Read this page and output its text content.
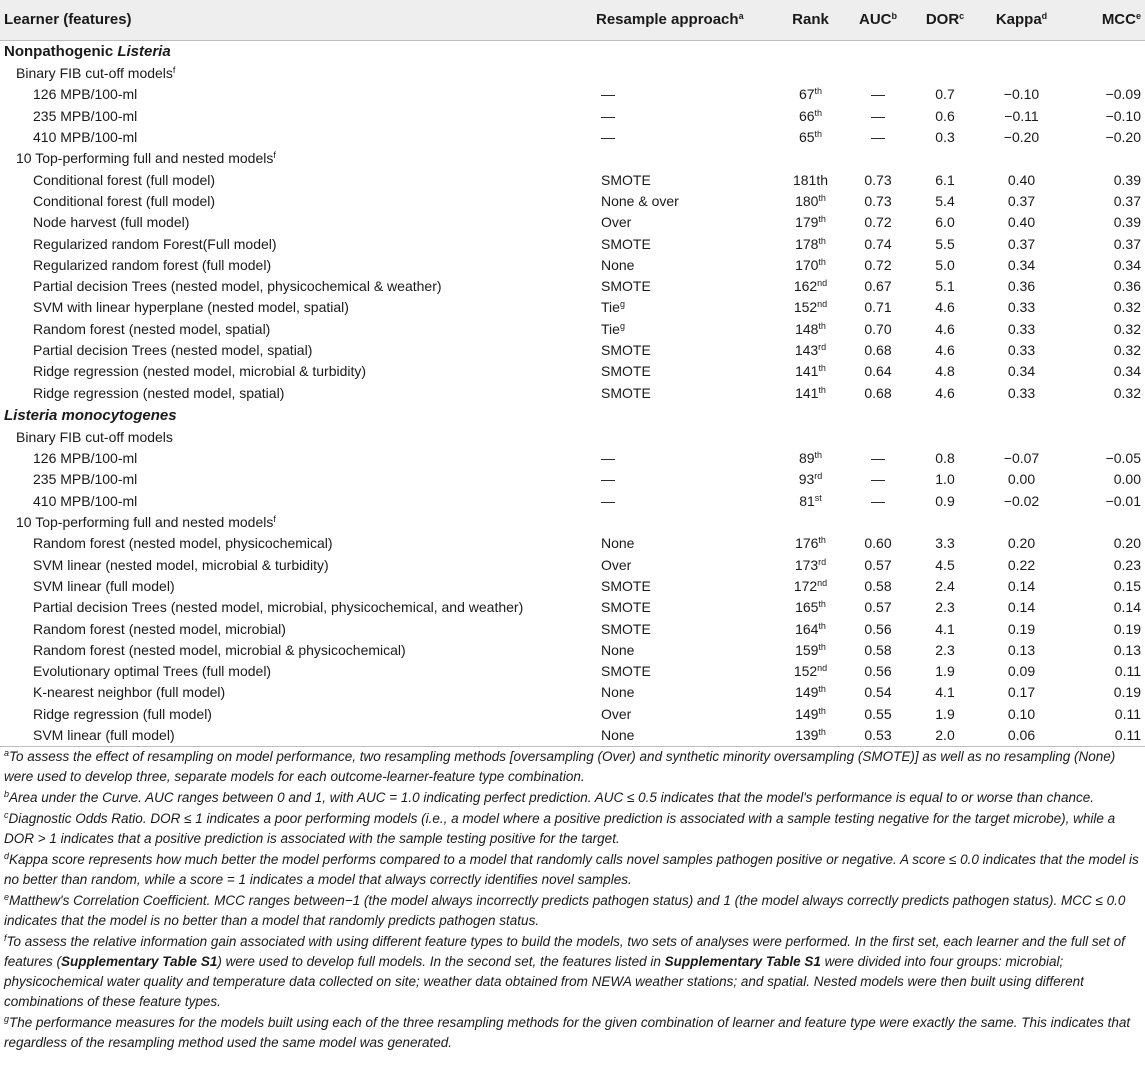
Learner (features)	Resample approach$^a$	Rank	AUC$^b$	DOR$^c$	Kappa$^d$	MCCe
Nonpathogenic Listeria						
Binary FIB cut-off models$^f$
126 MPB/100-ml	—	67th	—	0.7	−0.10	−0.09
235 MPB/100-ml	—	66th	—	0.6	−0.11	−0.10
410 MPB/100-ml	—	65th	—	0.3	−0.20	−0.20
10 Top-performing full and nested models$^f$
Conditional forest (full model)	SMOTE	181th	0.73	6.1	0.40	0.39
Conditional forest (full model)	None & over	180th	0.73	5.4	0.37	0.37
Node harvest (full model)	Over	179th	0.72	6.0	0.40	0.39
Regularized random Forest(Full model)	SMOTE	178th	0.74	5.5	0.37	0.37
Regularized random forest (full model)	None	170th	0.72	5.0	0.34	0.34
Partial decision Trees (nested model, physicochemical & weather)	SMOTE	162nd	0.67	5.1	0.36	0.36
SVM with linear hyperplane (nested model, spatial)	Tie$^g$	152nd	0.71	4.6	0.33	0.32
Random forest (nested model, spatial)	Tie$^g$	148th	0.70	4.6	0.33	0.32
Partial decision Trees (nested model, spatial)	SMOTE	143rd	0.68	4.6	0.33	0.32
Ridge regression (nested model, microbial & turbidity)	SMOTE	141th	0.64	4.8	0.34	0.34
Ridge regression (nested model, spatial)	SMOTE	141th	0.68	4.6	0.33	0.32
Listeria monocytogenes						
Binary FIB cut-off models						
126 MPB/100-ml	—	89th	—	0.8	−0.07	−0.05
235 MPB/100-ml	—	93rd	—	1.0	0.00	0.00
410 MPB/100-ml	—	81st	—	0.9	−0.02	−0.01
10 Top-performing full and nested models$^f$
Random forest (nested model, physicochemical)	None	176th	0.60	3.3	0.20	0.20
SVM linear (nested model, microbial & turbidity)	Over	173rd	0.57	4.5	0.22	0.23
SVM linear (full model)	SMOTE	172nd	0.58	2.4	0.14	0.15
Partial decision Trees (nested model, microbial, physicochemical, and weather)	SMOTE	165th	0.57	2.3	0.14	0.14
Random forest (nested model, microbial)	SMOTE	164th	0.56	4.1	0.19	0.19
Random forest (nested model, microbial & physicochemical)	None	159th	0.58	2.3	0.13	0.13
Evolutionary optimal Trees (full model)	SMOTE	152nd	0.56	1.9	0.09	0.11
K-nearest neighbor (full model)	None	149th	0.54	4.1	0.17	0.19
Ridge regression (full model)	Over	149th	0.55	1.9	0.10	0.11
SVM linear (full model)	None	139th	0.53	2.0	0.06	0.11

$^a$To assess the effect of resampling on model performance, two resampling methods [oversampling (Over) and synthetic minority oversampling (SMOTE)] as well as no resampling (None) were used to develop three, separate models for each outcome-learner-feature type combination.

$^b$Area under the Curve. AUC ranges between 0 and 1, with AUC = 1.0 indicating perfect prediction. AUC ≤ 0.5 indicates that the model's performance is equal to or worse than chance.

$^c$Diagnostic Odds Ratio. DOR ≤ 1 indicates a poor performing models (i.e., a model where a positive prediction is associated with a sample testing negative for the target microbe), while a DOR > 1 indicates that a positive prediction is associated with the sample testing positive for the target.

$^d$Kappa score represents how much better the model performs compared to a model that randomly calls novel samples pathogen positive or negative. A score ≤ 0.0 indicates that the model is no better than random, while a score = 1 indicates a model that always correctly identifies novel samples.

$^e$Matthew's Correlation Coefficient. MCC ranges between−1 (the model always incorrectly predicts pathogen status) and 1 (the model always correctly predicts pathogen status). MCC ≤ 0.0 indicates that the model is no better than a model that randomly predicts pathogen status.

$^f$To assess the relative information gain associated with using different feature types to build the models, two sets of analyses were performed. In the first set, each learner and the full set of features (Supplementary Table S1) were used to develop full models. In the second set, the features listed in Supplementary Table S1 were divided into four groups: microbial; physicochemical water quality and temperature data collected on site; weather data obtained from NEWA weather stations; and spatial. Nested models were then built using different combinations of these feature types.

$^g$The performance measures for the models built using each of the three resampling methods for the given combination of learner and feature type were exactly the same. This indicates that regardless of the resampling method used the same model was generated.
